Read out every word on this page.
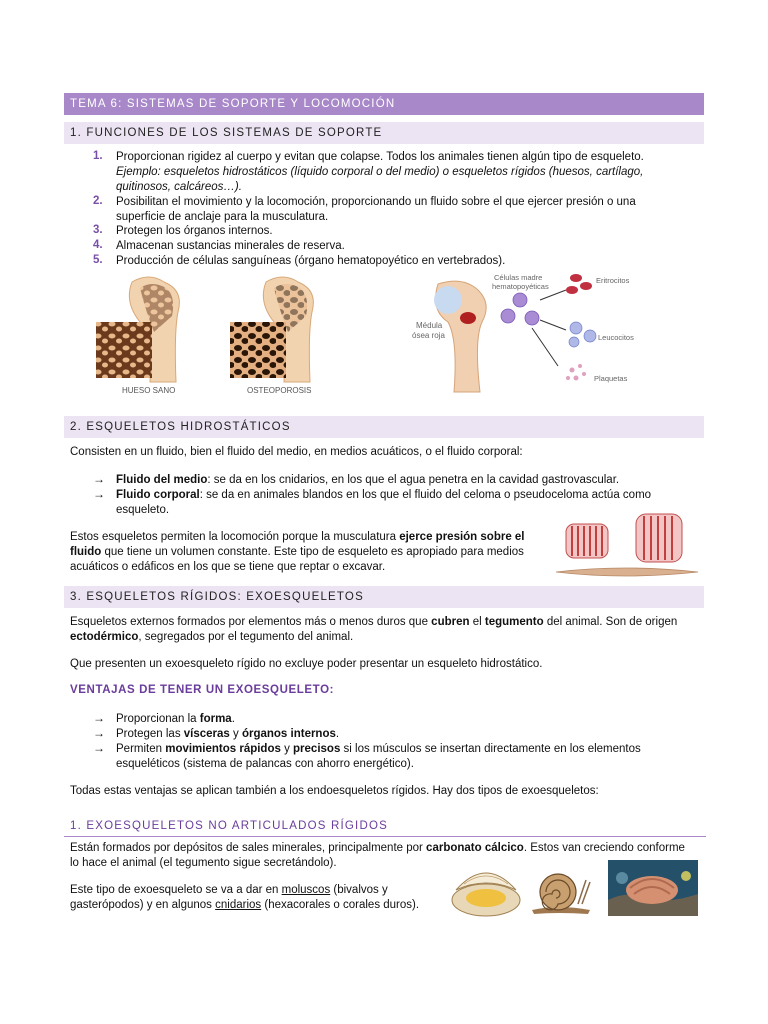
TEMA 6: SISTEMAS DE SOPORTE Y LOCOMOCIÓN
1. FUNCIONES DE LOS SISTEMAS DE SOPORTE
1. Proporcionan rigidez al cuerpo y evitan que colapse. Todos los animales tienen algún tipo de esqueleto.
Ejemplo: esqueletos hidrostáticos (líquido corporal o del medio) o esqueletos rígidos (huesos, cartílago,
quitinosos, calcáreos…).
2. Posibilitan el movimiento y la locomoción, proporcionando un fluido sobre el que ejercer presión o una
superficie de anclaje para la musculatura.
3. Protegen los órganos internos.
4. Almacenan sustancias minerales de reserva.
5. Producción de células sanguíneas (órgano hematopoyético en vertebrados).
HUESO SANO	OSTEOPOROSIS
Células madre
hematopoyéticas
Médula
ósea roja
Eritrocitos
Leucocitos
Plaquetas
2. ESQUELETOS HIDROSTÁTICOS
Consisten en un fluido, bien el fluido del medio, en medios acuáticos, o el fluido corporal:
→ Fluido del medio: se da en los cnidarios, en los que el agua penetra en la cavidad gastrovascular.
→ Fluido corporal: se da en animales blandos en los que el fluido del celoma o pseudoceloma actúa como
esqueleto.
Estos esqueletos permiten la locomoción porque la musculatura ejerce presión sobre el
fluido que tiene un volumen constante. Este tipo de esqueleto es apropiado para medios
acuáticos o edáficos en los que se tiene que reptar o excavar.
3. ESQUELETOS RÍGIDOS: EXOESQUELETOS
Esqueletos externos formados por elementos más o menos duros que cubren el tegumento del animal. Son de origen
ectodérmico, segregados por el tegumento del animal.
Que presenten un exoesqueleto rígido no excluye poder presentar un esqueleto hidrostático.
VENTAJAS DE TENER UN EXOESQUELETO:
→ Proporcionan la forma.
→ Protegen las vísceras y órganos internos.
→ Permiten movimientos rápidos y precisos si los músculos se insertan directamente en los elementos
esqueléticos (sistema de palancas con ahorro energético).
Todas estas ventajas se aplican también a los endoesqueletos rígidos. Hay dos tipos de exoesqueletos:
1. EXOESQUELETOS NO ARTICULADOS RÍGIDOS
Están formados por depósitos de sales minerales, principalmente por carbonato cálcico. Estos van creciendo conforme
lo hace el animal (el tegumento sigue secretándolo).
Este tipo de exoesqueleto se va a dar en moluscos (bivalvos y
gasterópodos) y en algunos cnidarios (hexacorales o corales duros).
